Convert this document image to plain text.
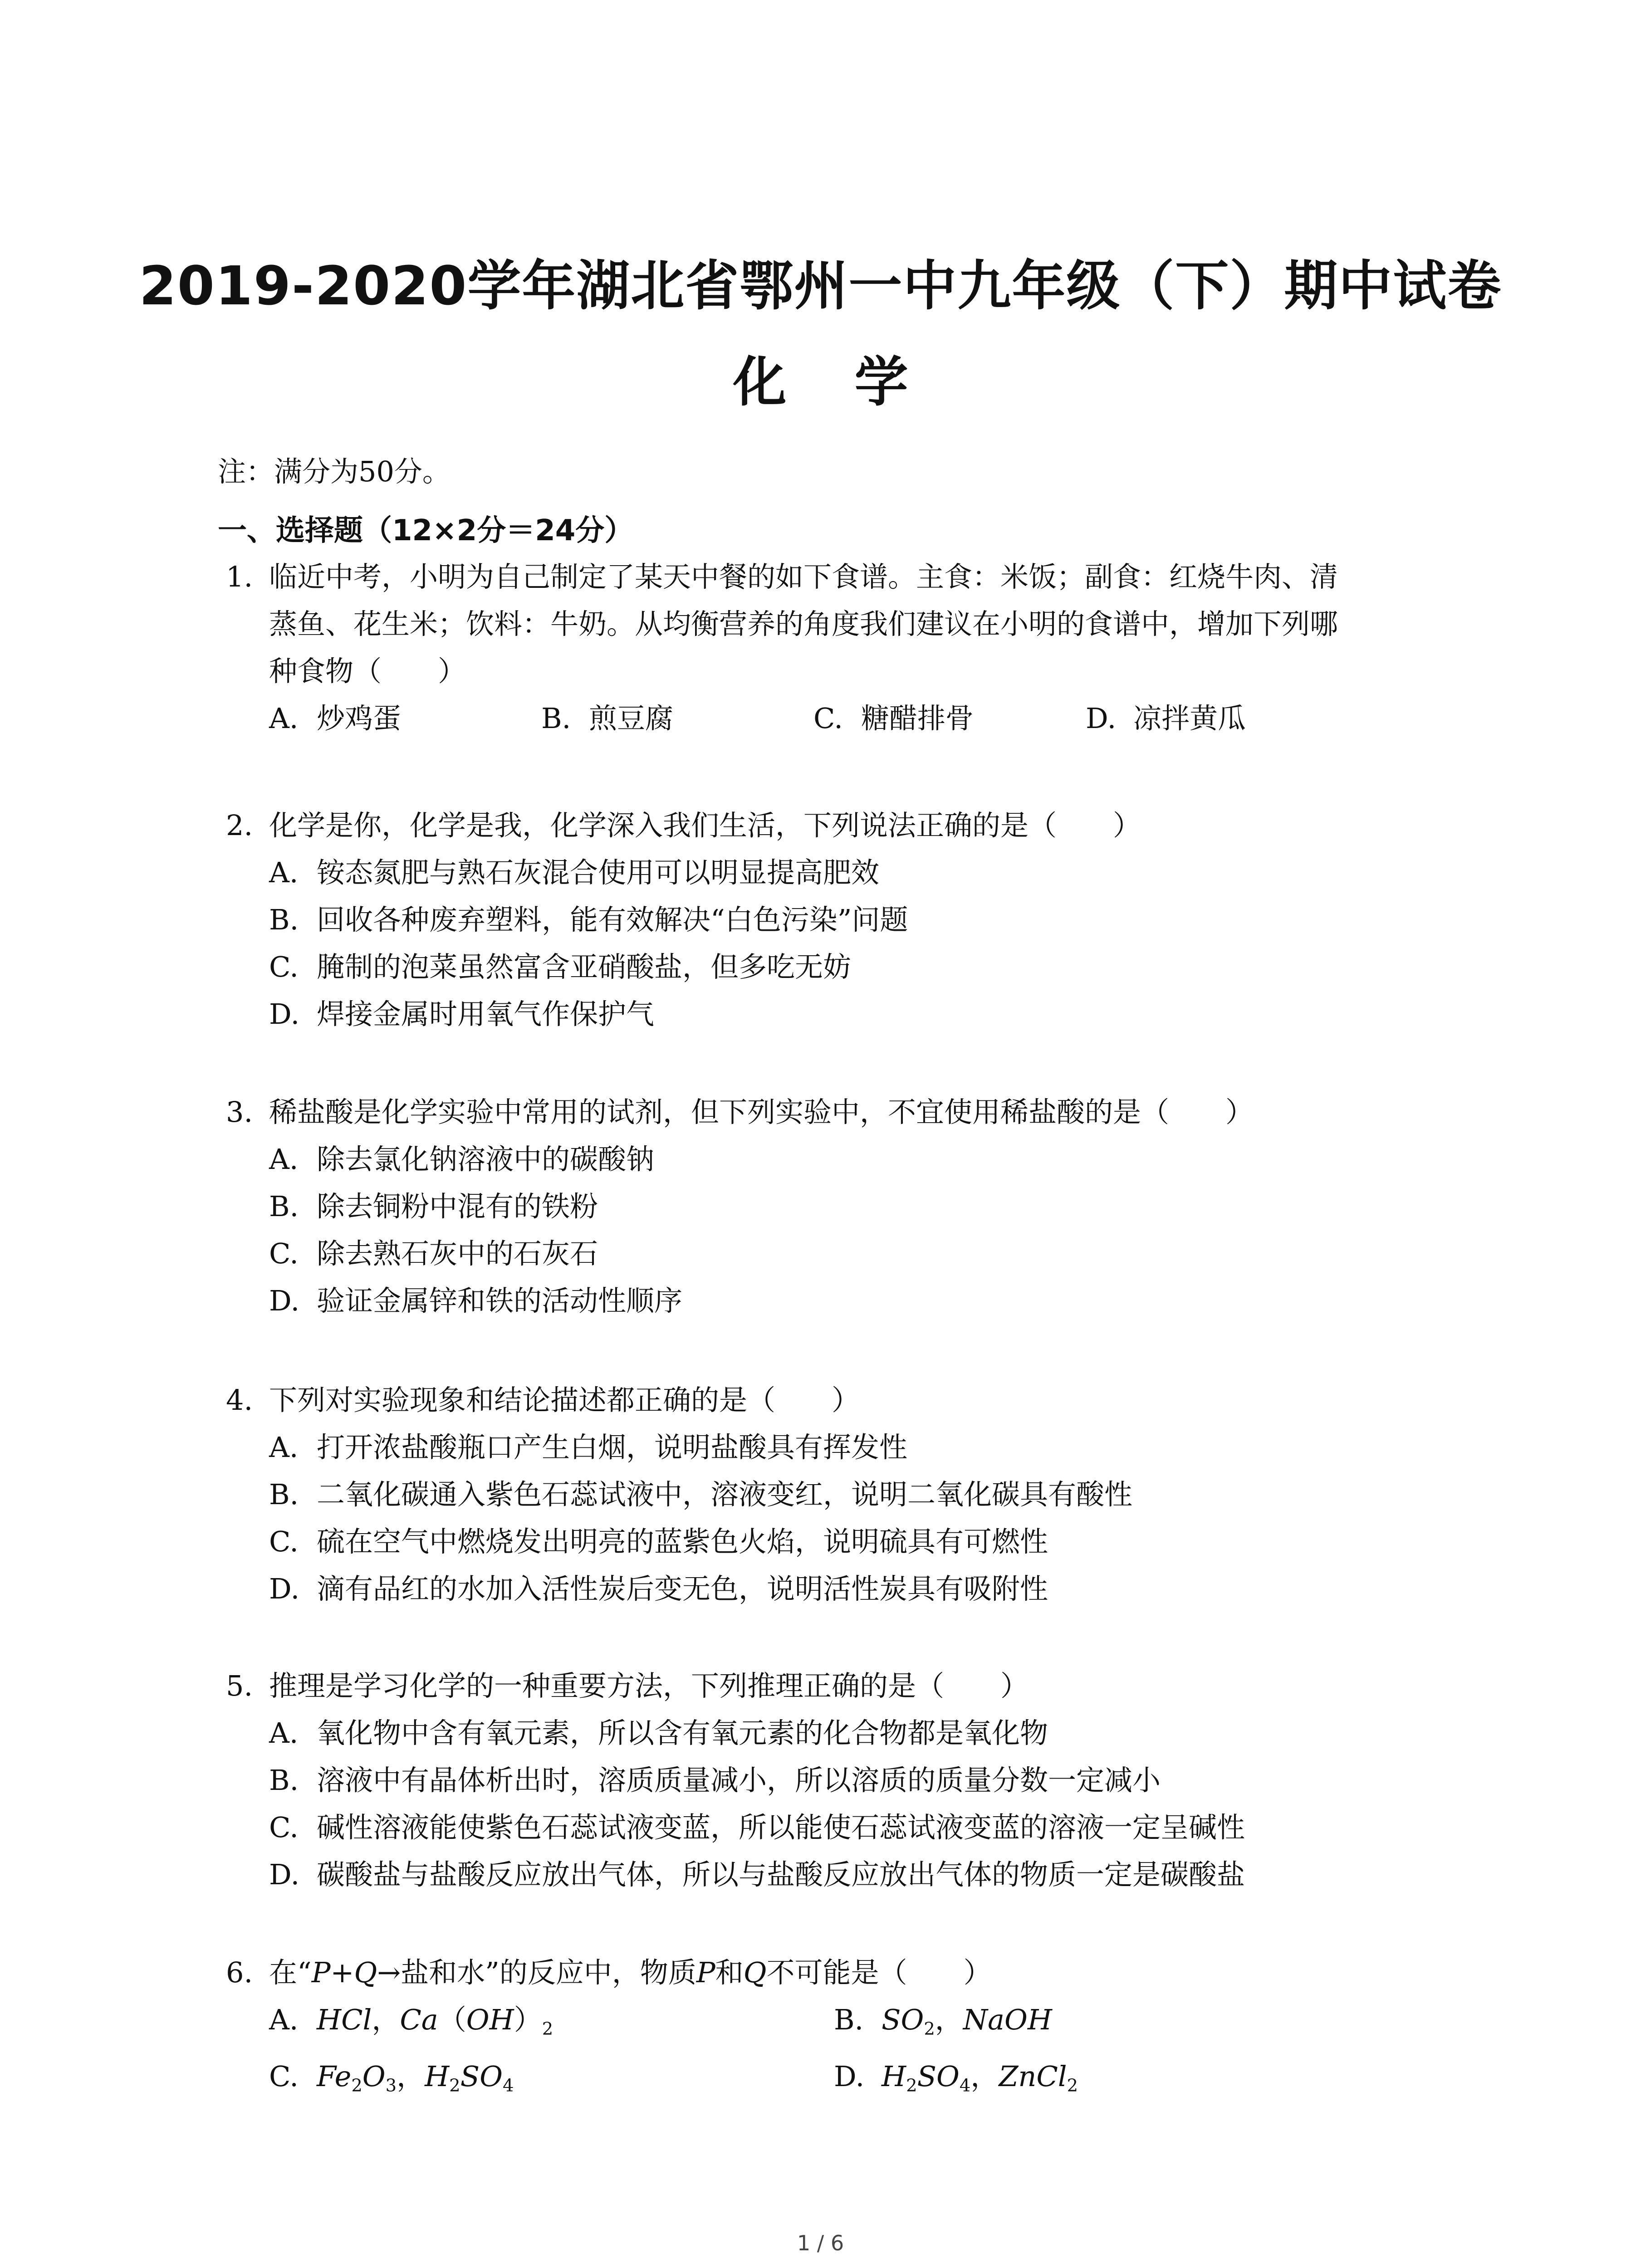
2019-2020学年湖北省鄂州一中九年级（下）期中试卷
化 学
注：满分为50分。
一、选择题（12×2分＝24分）
1. 临近中考，小明为自己制定了某天中餐的如下食谱。主食：米饭；副食：红烧牛肉、清
蒸鱼、花生米；饮料：牛奶。从均衡营养的角度我们建议在小明的食谱中，增加下列哪
种食物（　　）
A. 炒鸡蛋	B. 煎豆腐	C. 糖醋排骨	D. 凉拌黄瓜
2. 化学是你，化学是我，化学深入我们生活，下列说法正确的是（　　）
A. 铵态氮肥与熟石灰混合使用可以明显提高肥效
B. 回收各种废弃塑料，能有效解决“白色污染”问题
C. 腌制的泡菜虽然富含亚硝酸盐，但多吃无妨
D. 焊接金属时用氧气作保护气
3. 稀盐酸是化学实验中常用的试剂，但下列实验中，不宜使用稀盐酸的是（　　）
A. 除去氯化钠溶液中的碳酸钠
B. 除去铜粉中混有的铁粉
C. 除去熟石灰中的石灰石
D. 验证金属锌和铁的活动性顺序
4. 下列对实验现象和结论描述都正确的是（　　）
A. 打开浓盐酸瓶口产生白烟，说明盐酸具有挥发性
B. 二氧化碳通入紫色石蕊试液中，溶液变红，说明二氧化碳具有酸性
C. 硫在空气中燃烧发出明亮的蓝紫色火焰，说明硫具有可燃性
D. 滴有品红的水加入活性炭后变无色，说明活性炭具有吸附性
5. 推理是学习化学的一种重要方法，下列推理正确的是（　　）
A. 氧化物中含有氧元素，所以含有氧元素的化合物都是氧化物
B. 溶液中有晶体析出时，溶质质量减小，所以溶质的质量分数一定减小
C. 碱性溶液能使紫色石蕊试液变蓝，所以能使石蕊试液变蓝的溶液一定呈碱性
D. 碳酸盐与盐酸反应放出气体，所以与盐酸反应放出气体的物质一定是碳酸盐
6. 在“P+Q→盐和水”的反应中，物质P和Q不可能是（　　）
A. HCl，$Ca(OH)_2$	B. $SO_2$，NaOH
C. $Fe_2O_3$，$H_2SO_4$	D. $H_2SO_4$，ZnCl$_2$
1 / 6
